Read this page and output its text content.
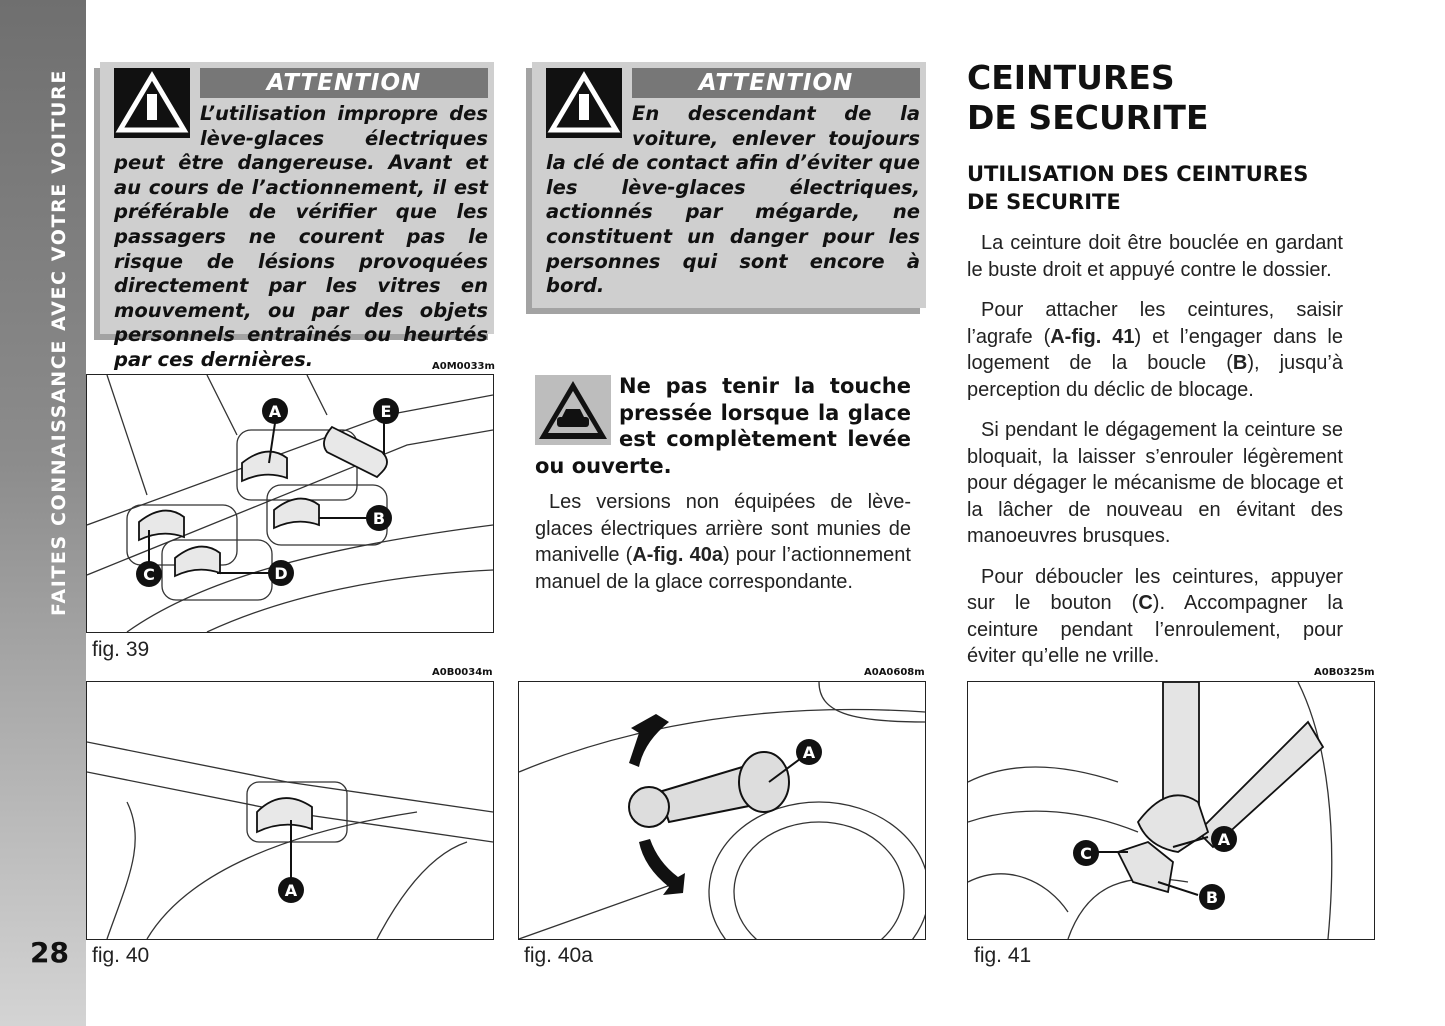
FAITES CONNAISSANCE AVEC VOTRE VOITURE
28
ATTENTION
L’utilisation impropre des lève-glaces électriques peut être dangereuse. Avant et au cours de l’actionnement, il est préférable de vérifier que les passagers ne courent pas le risque de lésions provoquées directement par les vitres en mouvement, ou par des objets personnels entraînés ou heurtés par ces dernières.
ATTENTION
En descendant de la voiture, enlever toujours la clé de contact afin d’éviter que les lève-glaces électriques, actionnés par mégarde, ne constituent un danger pour les personnes qui sont encore à bord.
Ne pas tenir la touche pressée lorsque la glace est complètement levée ou ouverte.

Les versions non équipées de lève-glaces électriques arrière sont munies de manivelle (A-fig. 40a) pour l’actionnement manuel de la glace correspondante.

CEINTURES
DE SECURITE
UTILISATION DES CEINTURES
DE SECURITE

La ceinture doit être bouclée en gardant le buste droit et appuyé contre le dossier.

Pour attacher les ceintures, saisir l’agrafe (A-fig. 41) et l’engager dans le logement de la boucle (B), jusqu’à perception du déclic de blocage.

Si pendant le dégagement la ceinture se bloquait, la laisser s’enrouler légèrement pour dégager le mécanisme de blocage et la lâcher de nouveau en évitant des manoeuvres brusques.

Pour déboucler les ceintures, appuyer sur le bouton (C). Accompagner la ceinture pendant l’enroulement, pour éviter qu’elle ne vrille.

A0M0033m
A	E
B
C	D
fig. 39
A0B0034m
A
fig. 40
A0A0608m
A
fig. 40a
A0B0325m
A
C
B
fig. 41
